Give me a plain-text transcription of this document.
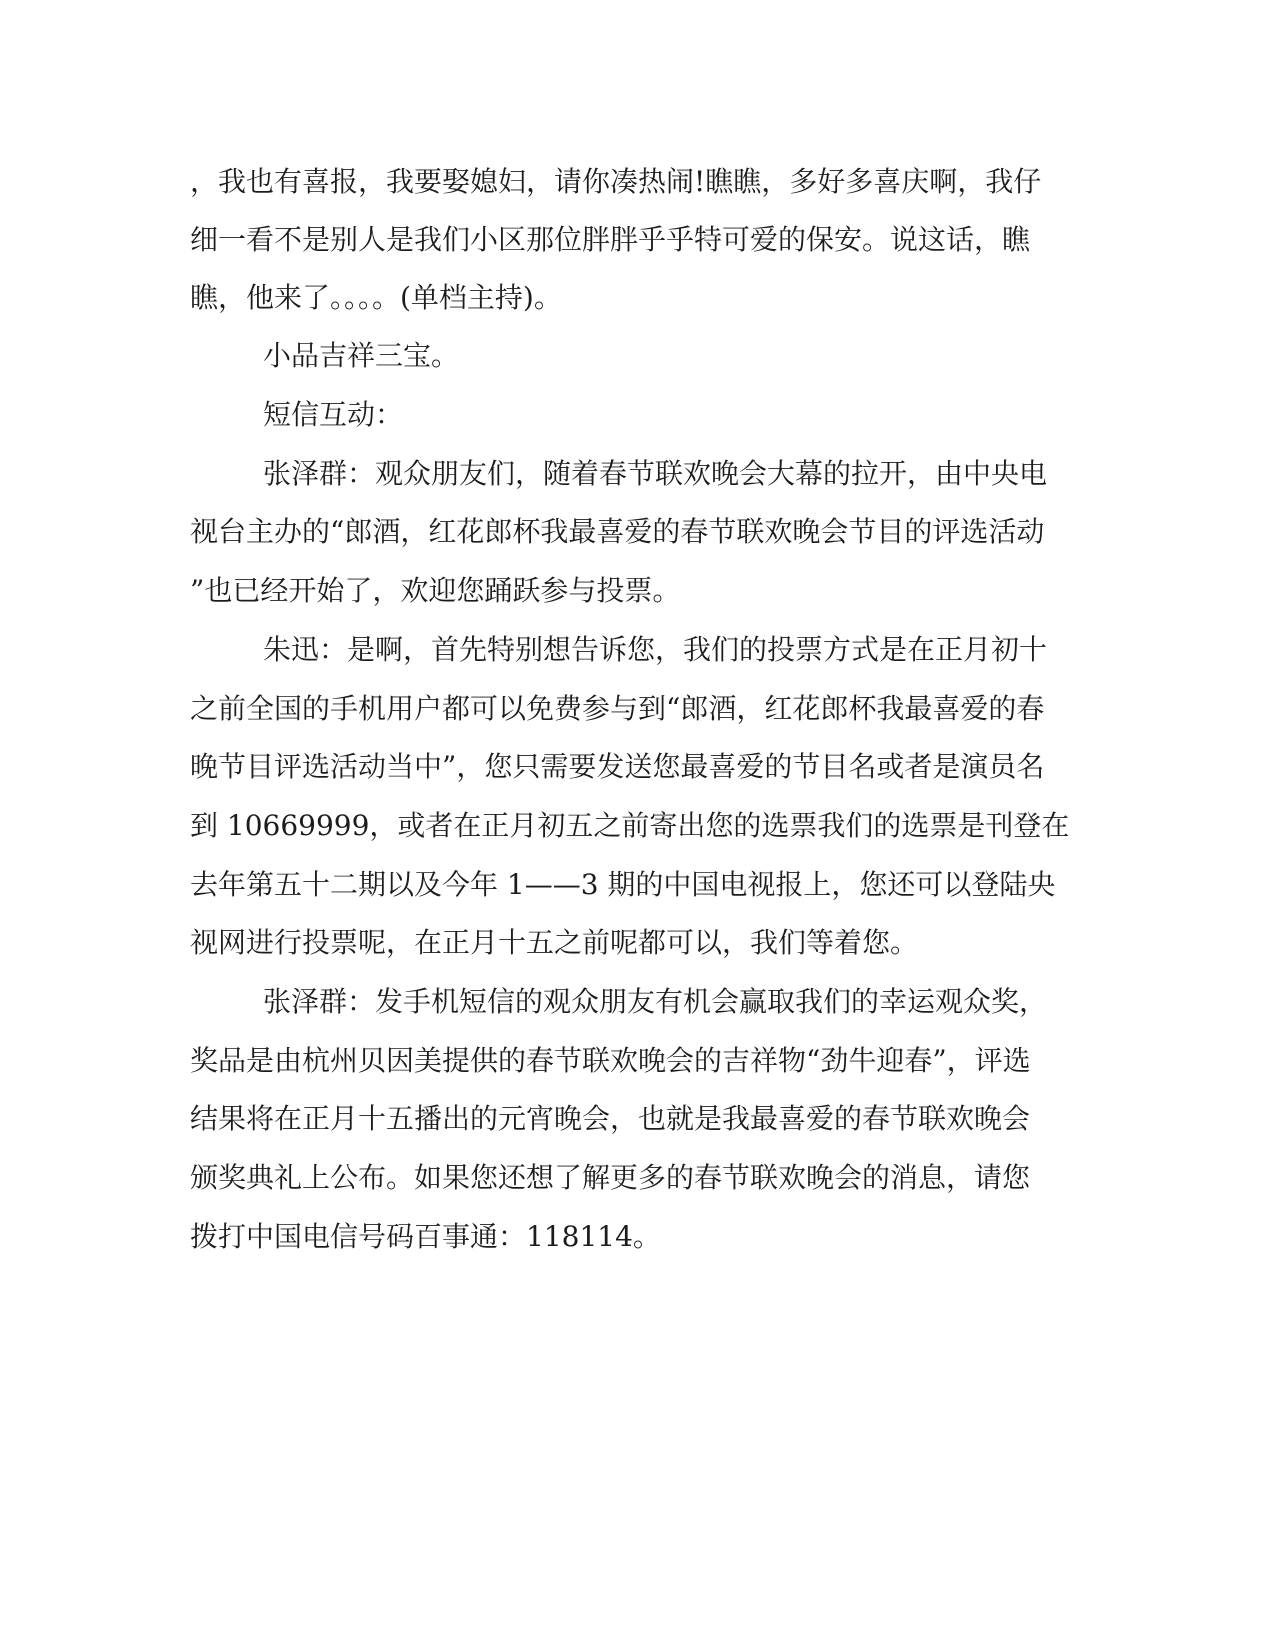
，我也有喜报，我要娶媳妇，请你凑热闹!瞧瞧，多好多喜庆啊，我仔

细一看不是别人是我们小区那位胖胖乎乎特可爱的保安。说这话，瞧

瞧，他来了。。。。(单档主持)。

小品吉祥三宝。

短信互动：

张泽群：观众朋友们，随着春节联欢晚会大幕的拉开，由中央电

视台主办的“郎酒，红花郎杯我最喜爱的春节联欢晚会节目的评选活动

”也已经开始了，欢迎您踊跃参与投票。

朱迅：是啊，首先特别想告诉您，我们的投票方式是在正月初十

之前全国的手机用户都可以免费参与到“郎酒，红花郎杯我最喜爱的春

晚节目评选活动当中”，您只需要发送您最喜爱的节目名或者是演员名

到 10669999，或者在正月初五之前寄出您的选票我们的选票是刊登在

去年第五十二期以及今年 1——3 期的中国电视报上，您还可以登陆央

视网进行投票呢，在正月十五之前呢都可以，我们等着您。

张泽群：发手机短信的观众朋友有机会赢取我们的幸运观众奖，

奖品是由杭州贝因美提供的春节联欢晚会的吉祥物“劲牛迎春”，评选

结果将在正月十五播出的元宵晚会，也就是我最喜爱的春节联欢晚会

颁奖典礼上公布。如果您还想了解更多的春节联欢晚会的消息，请您

拨打中国电信号码百事通：118114。
